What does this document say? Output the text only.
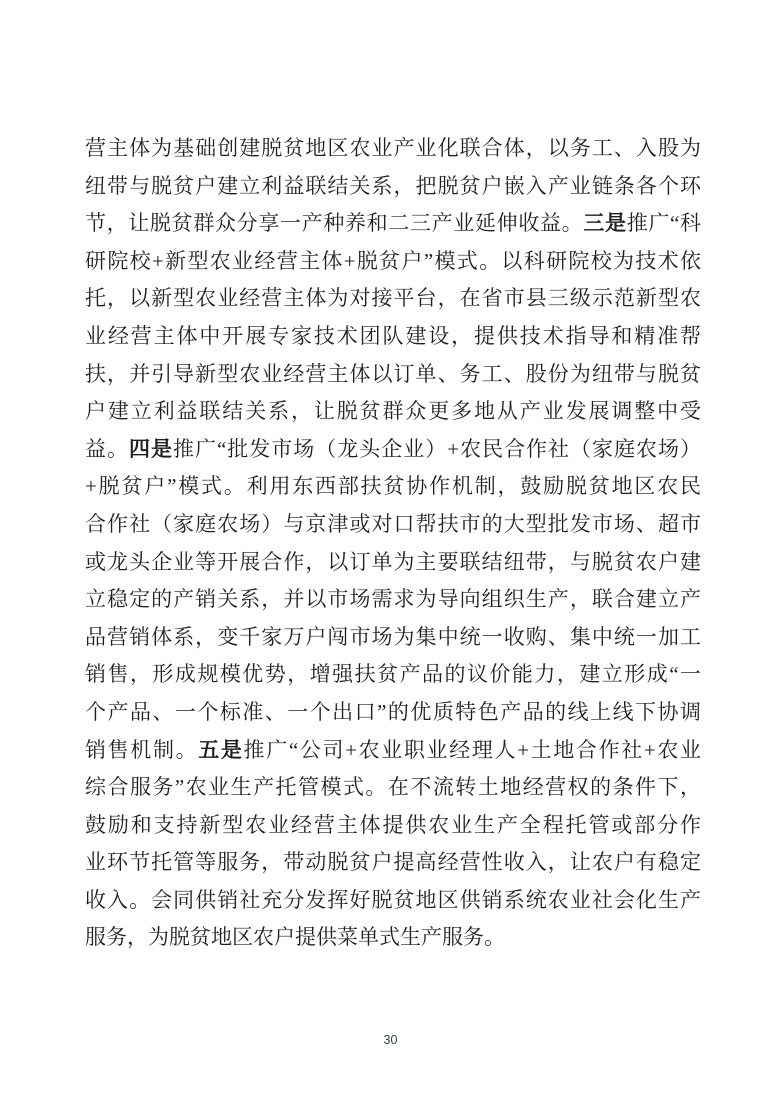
营主体为基础创建脱贫地区农业产业化联合体，以务工、入股为
纽带与脱贫户建立利益联结关系，把脱贫户嵌入产业链条各个环
节，让脱贫群众分享一产种养和二三产业延伸收益。三是推广“科
研院校+新型农业经营主体+脱贫户”模式。以科研院校为技术依
托，以新型农业经营主体为对接平台，在省市县三级示范新型农
业经营主体中开展专家技术团队建设，提供技术指导和精准帮
扶，并引导新型农业经营主体以订单、务工、股份为纽带与脱贫
户建立利益联结关系，让脱贫群众更多地从产业发展调整中受
益。四是推广“批发市场（龙头企业）+农民合作社（家庭农场）
+脱贫户”模式。利用东西部扶贫协作机制，鼓励脱贫地区农民
合作社（家庭农场）与京津或对口帮扶市的大型批发市场、超市
或龙头企业等开展合作，以订单为主要联结纽带，与脱贫农户建
立稳定的产销关系，并以市场需求为导向组织生产，联合建立产
品营销体系，变千家万户闯市场为集中统一收购、集中统一加工
销售，形成规模优势，增强扶贫产品的议价能力，建立形成“一
个产品、一个标准、一个出口”的优质特色产品的线上线下协调
销售机制。五是推广“公司+农业职业经理人+土地合作社+农业
综合服务”农业生产托管模式。在不流转土地经营权的条件下，
鼓励和支持新型农业经营主体提供农业生产全程托管或部分作
业环节托管等服务，带动脱贫户提高经营性收入，让农户有稳定
收入。会同供销社充分发挥好脱贫地区供销系统农业社会化生产
服务，为脱贫地区农户提供菜单式生产服务。
30
